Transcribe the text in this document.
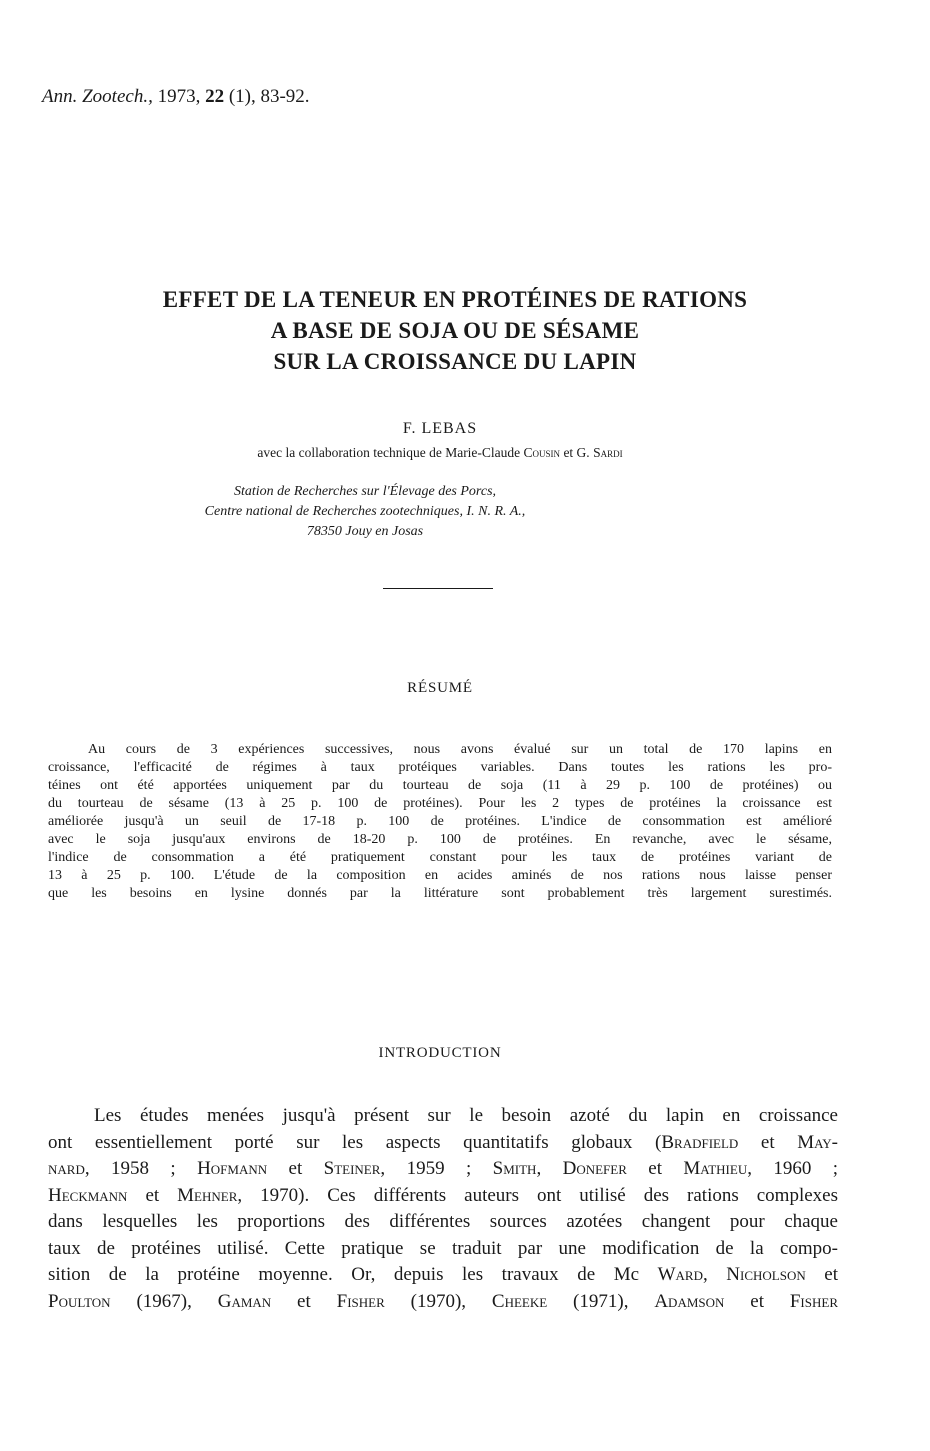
Ann. Zootech., 1973, 22 (1), 83-92.
EFFET DE LA TENEUR EN PROTÉINES DE RATIONS
A BASE DE SOJA OU DE SÉSAME
SUR LA CROISSANCE DU LAPIN
F. LEBAS
avec la collaboration technique de Marie-Claude Cousin et G. Sardi
Station de Recherches sur l'Élevage des Porcs,
Centre national de Recherches zootechniques, I. N. R. A.,
78350 Jouy en Josas
RÉSUMÉ
Au cours de 3 expériences successives, nous avons évalué sur un total de 170 lapins en
croissance, l'efficacité de régimes à taux protéiques variables. Dans toutes les rations les pro-
téines ont été apportées uniquement par du tourteau de soja (11 à 29 p. 100 de protéines) ou
du tourteau de sésame (13 à 25 p. 100 de protéines). Pour les 2 types de protéines la croissance est
améliorée jusqu'à un seuil de 17-18 p. 100 de protéines. L'indice de consommation est amélioré
avec le soja jusqu'aux environs de 18-20 p. 100 de protéines. En revanche, avec le sésame,
l'indice de consommation a été pratiquement constant pour les taux de protéines variant de
13 à 25 p. 100. L'étude de la composition en acides aminés de nos rations nous laisse penser
que les besoins en lysine donnés par la littérature sont probablement très largement surestimés.
INTRODUCTION
Les études menées jusqu'à présent sur le besoin azoté du lapin en croissance
ont essentiellement porté sur les aspects quantitatifs globaux (Bradfield et May-
nard, 1958 ; Hofmann et Steiner, 1959 ; Smith, Donefer et Mathieu, 1960 ;
Heckmann et Mehner, 1970). Ces différents auteurs ont utilisé des rations complexes
dans lesquelles les proportions des différentes sources azotées changent pour chaque
taux de protéines utilisé. Cette pratique se traduit par une modification de la compo-
sition de la protéine moyenne. Or, depuis les travaux de Mc Ward, Nicholson et
Poulton (1967), Gaman et Fisher (1970), Cheeke (1971), Adamson et Fisher
